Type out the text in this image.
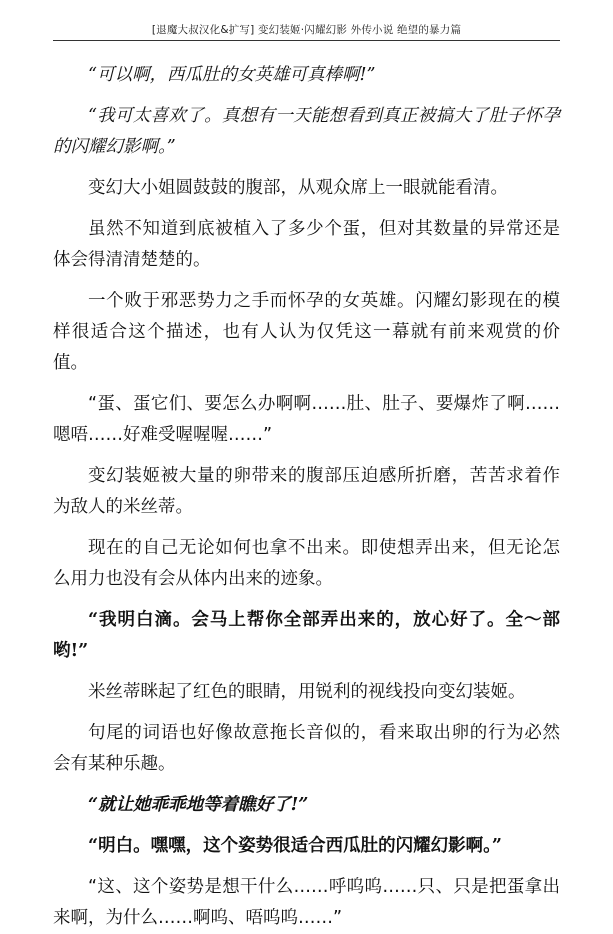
[退魔大叔汉化&扩写] 变幻装姬·闪耀幻影 外传小说 绝望的暴力篇

“可以啊，西瓜肚的女英雄可真棒啊!”

“我可太喜欢了。真想有一天能想看到真正被搞大了肚子怀孕的闪耀幻影啊。”

变幻大小姐圆鼓鼓的腹部，从观众席上一眼就能看清。

虽然不知道到底被植入了多少个蛋，但对其数量的异常还是体会得清清楚楚的。

一个败于邪恶势力之手而怀孕的女英雄。闪耀幻影现在的模样很适合这个描述，也有人认为仅凭这一幕就有前来观赏的价值。

“蛋、蛋它们、要怎么办啊啊……肚、肚子、要爆炸了啊……嗯唔……好难受喔喔喔……”

变幻装姬被大量的卵带来的腹部压迫感所折磨，苦苦求着作为敌人的米丝蒂。

现在的自己无论如何也拿不出来。即使想弄出来，但无论怎么用力也没有会从体内出来的迹象。

“我明白滴。会马上帮你全部弄出来的，放心好了。全～部哟!”

米丝蒂眯起了红色的眼睛，用锐利的视线投向变幻装姬。

句尾的词语也好像故意拖长音似的，看来取出卵的行为必然会有某种乐趣。

“就让她乖乖地等着瞧好了!”

“明白。嘿嘿，这个姿势很适合西瓜肚的闪耀幻影啊。”

“这、这个姿势是想干什么……呼呜呜……只、只是把蛋拿出来啊，为什么……啊呜、唔呜呜……”
